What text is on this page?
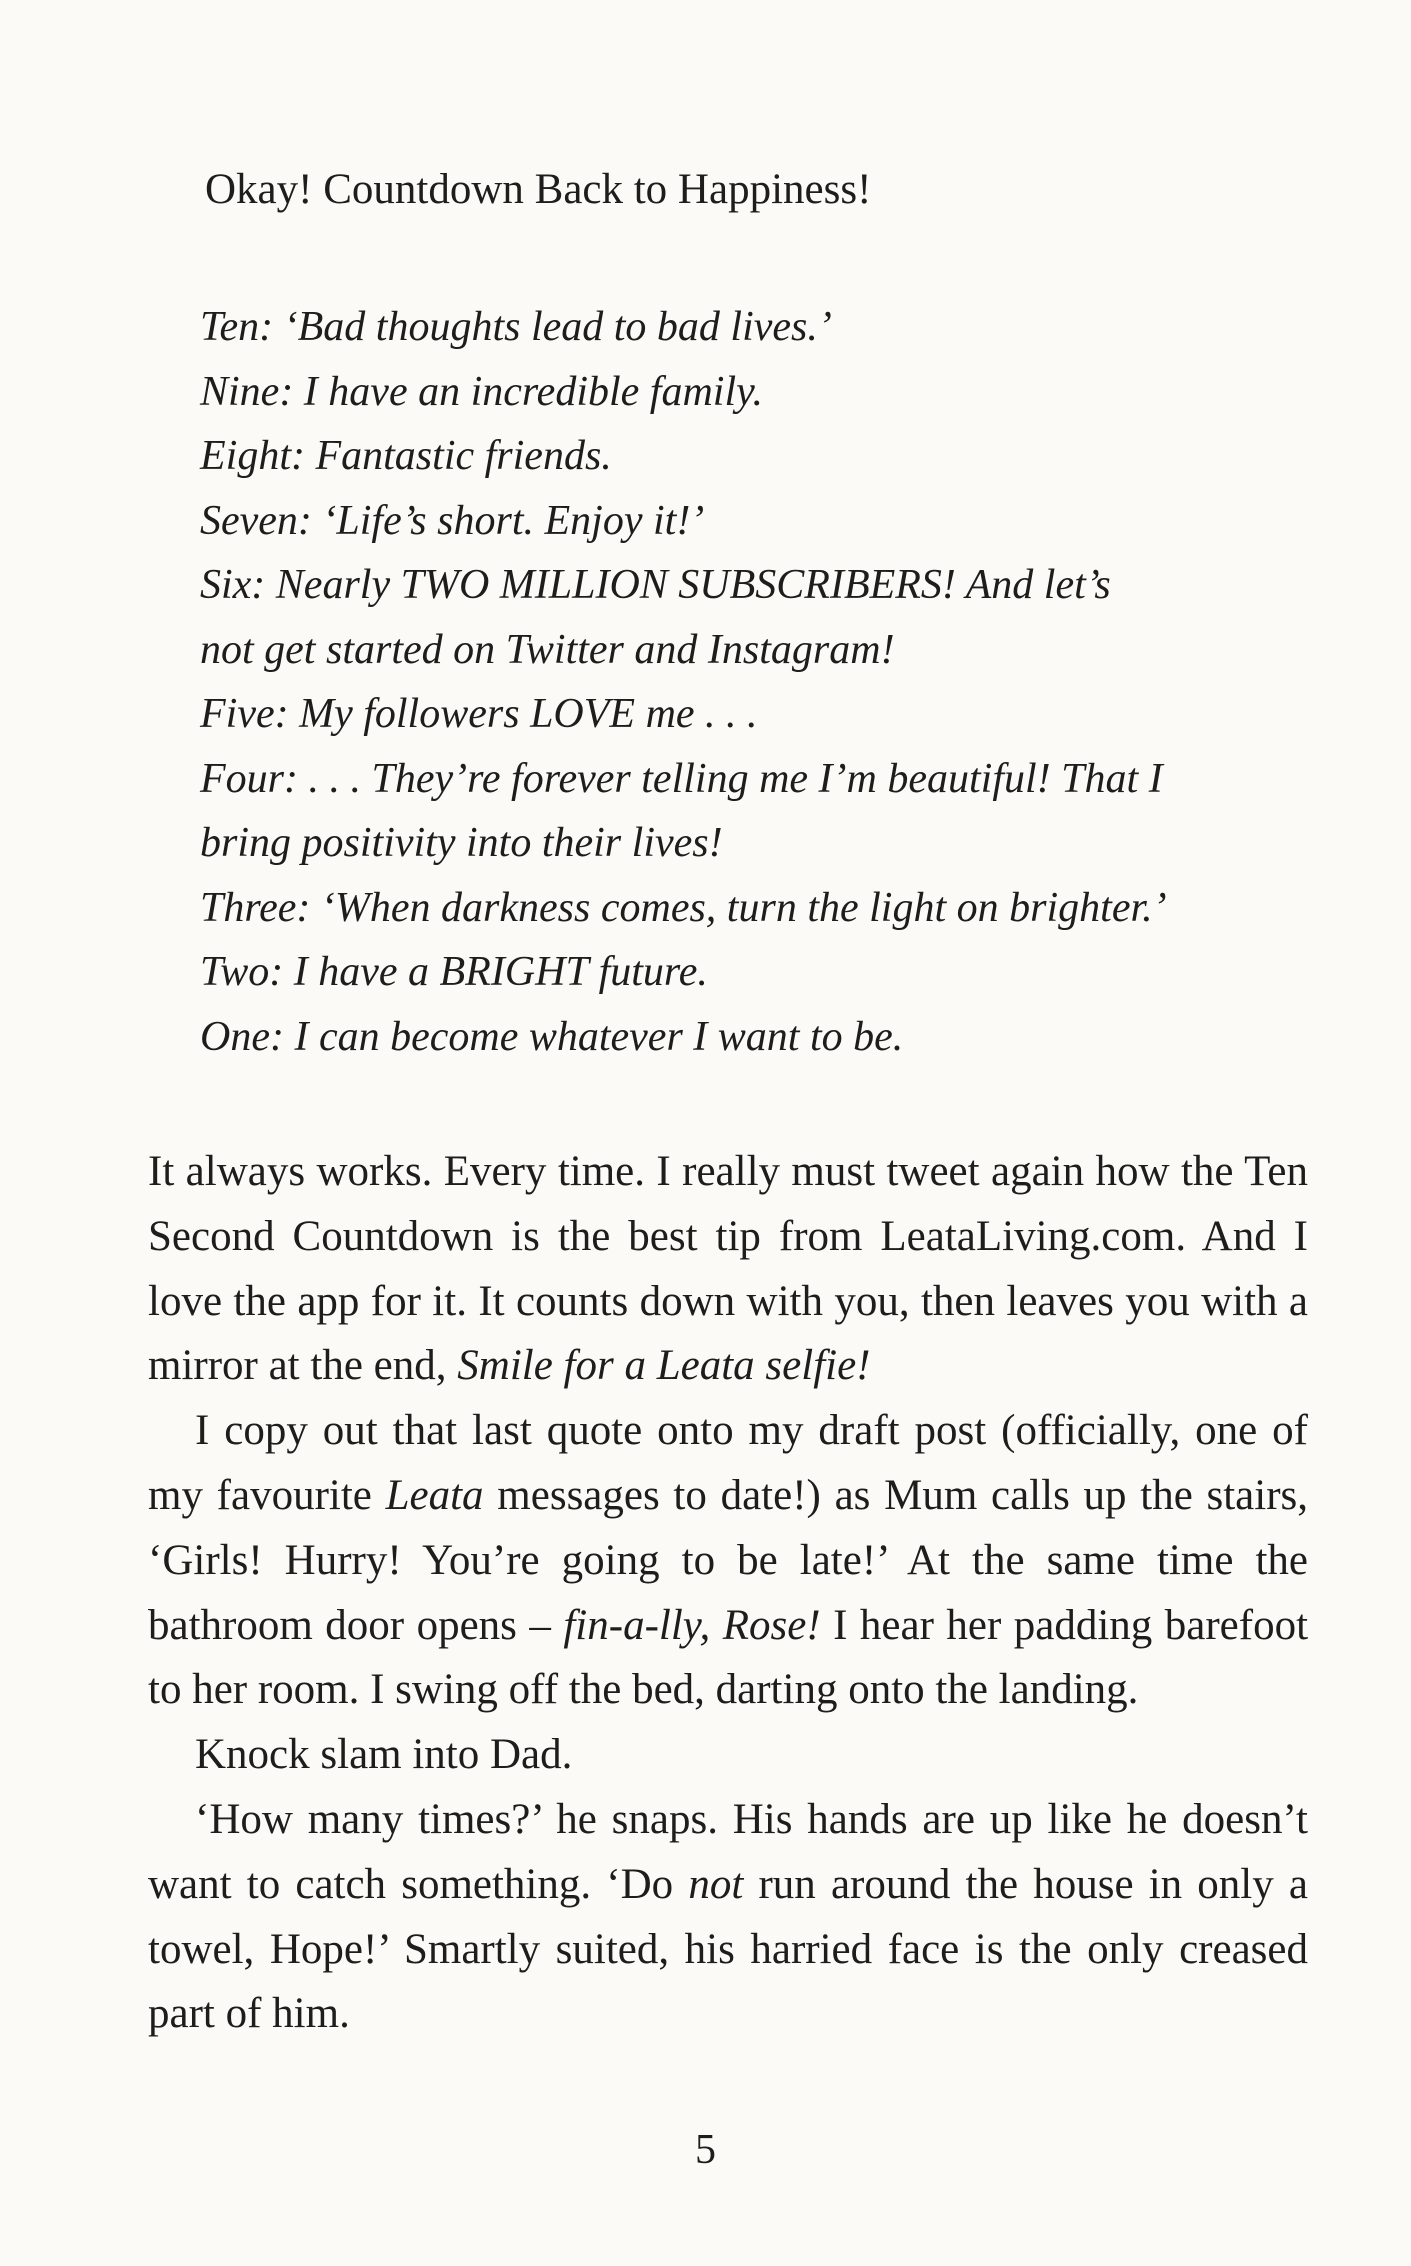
Okay! Countdown Back to Happiness!
Ten: ‘Bad thoughts lead to bad lives.’
Nine: I have an incredible family.
Eight: Fantastic friends.
Seven: ‘Life’s short. Enjoy it!’
Six: Nearly TWO MILLION SUBSCRIBERS! And let’s
not get started on Twitter and Instagram!
Five: My followers LOVE me . . .
Four: . . . They’re forever telling me I’m beautiful! That I
bring positivity into their lives!
Three: ‘When darkness comes, turn the light on brighter.’
Two: I have a BRIGHT future.
One: I can become whatever I want to be.

It always works. Every time. I really must tweet again how the Ten Second Countdown is the best tip from LeataLiving.com. And I love the app for it. It counts down with you, then leaves you with a mirror at the end, Smile for a Leata selfie!

I copy out that last quote onto my draft post (officially, one of my favourite Leata messages to date!) as Mum calls up the stairs, ‘Girls! Hurry! You’re going to be late!’ At the same time the bathroom door opens – fin-a-lly, Rose! I hear her padding barefoot to her room. I swing off the bed, darting onto the landing.

Knock slam into Dad.

‘How many times?’ he snaps. His hands are up like he doesn’t want to catch something. ‘Do not run around the house in only a towel, Hope!’ Smartly suited, his harried face is the only creased part of him.

5
